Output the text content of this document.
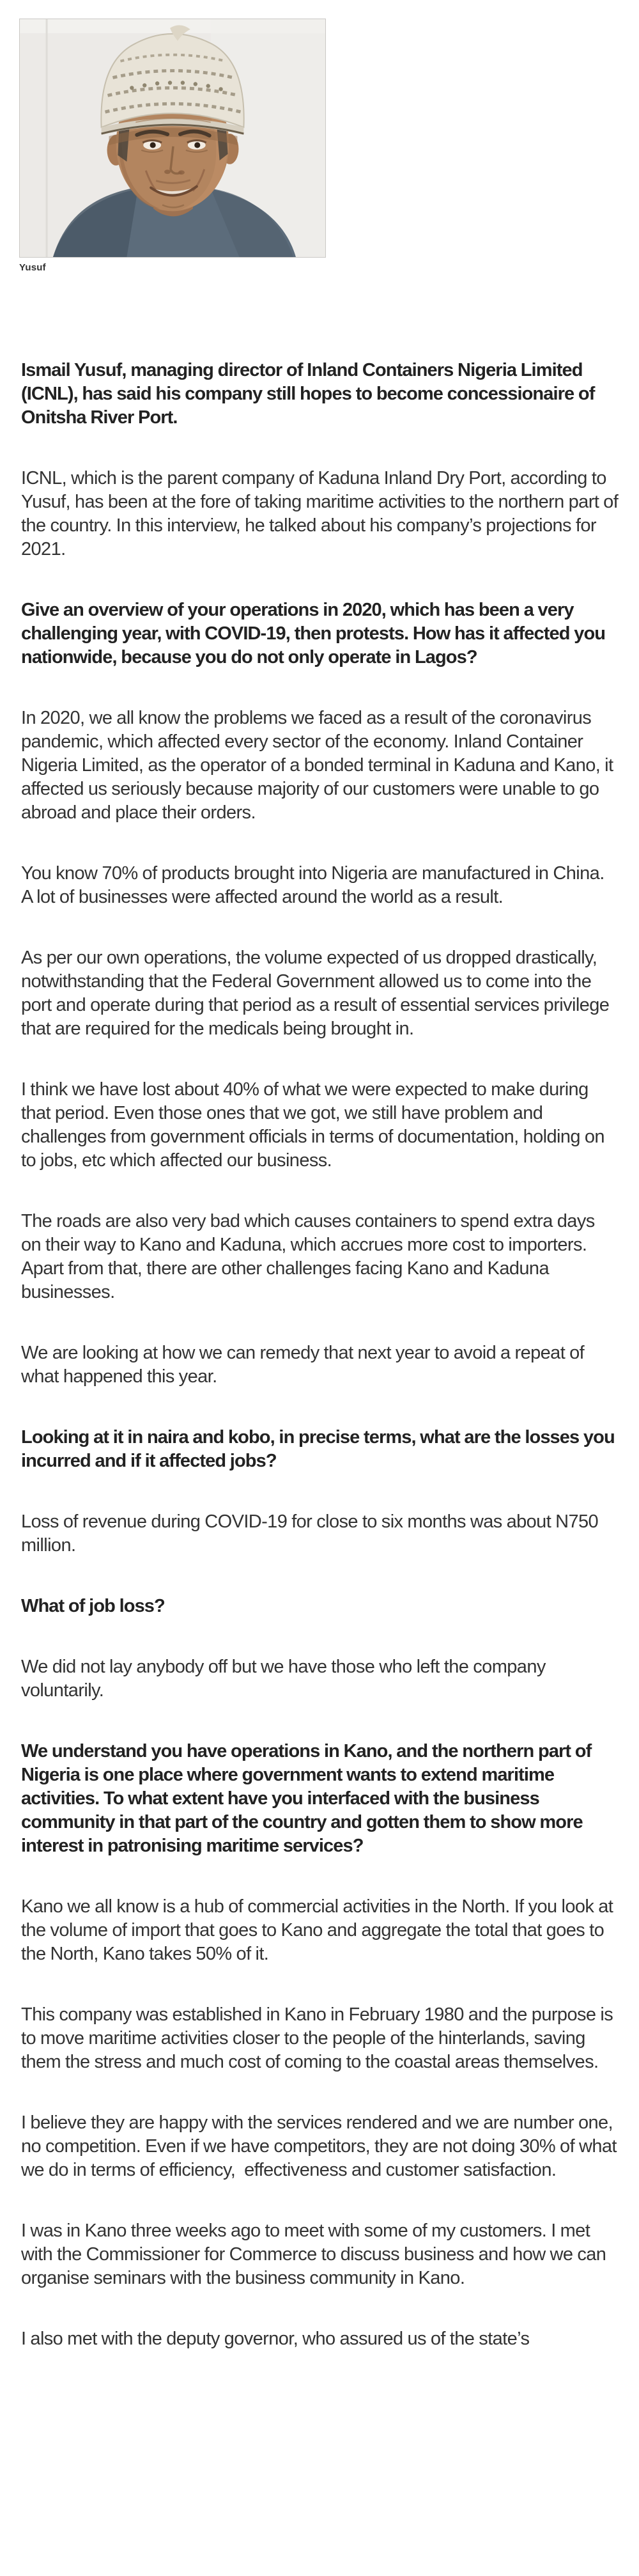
Yusuf

Ismail Yusuf, managing director of Inland Containers Nigeria Limited (ICNL), has said his company still hopes to become concessionaire of Onitsha River Port.

ICNL, which is the parent company of Kaduna Inland Dry Port, according to Yusuf, has been at the fore of taking maritime activities to the northern part of the country. In this interview, he talked about his company’s projections for 2021.

Give an overview of your operations in 2020, which has been a very challenging year, with COVID-19, then protests. How has it affected you nationwide, because you do not only operate in Lagos?

In 2020, we all know the problems we faced as a result of the coronavirus pandemic, which affected every sector of the economy. Inland Container Nigeria Limited, as the operator of a bonded terminal in Kaduna and Kano, it affected us seriously because majority of our customers were unable to go abroad and place their orders.

You know 70% of products brought into Nigeria are manufactured in China. A lot of businesses were affected around the world as a result.

As per our own operations, the volume expected of us dropped drastically, notwithstanding that the Federal Government allowed us to come into the port and operate during that period as a result of essential services privilege that are required for the medicals being brought in.

I think we have lost about 40% of what we were expected to make during that period. Even those ones that we got, we still have problem and challenges from government officials in terms of documentation, holding on to jobs, etc which affected our business.

The roads are also very bad which causes containers to spend extra days on their way to Kano and Kaduna, which accrues more cost to importers. Apart from that, there are other challenges facing Kano and Kaduna businesses.

We are looking at how we can remedy that next year to avoid a repeat of what happened this year.

Looking at it in naira and kobo, in precise terms, what are the losses you incurred and if it affected jobs?

Loss of revenue during COVID-19 for close to six months was about N750 million.

What of job loss?

We did not lay anybody off but we have those who left the company voluntarily.

We understand you have operations in Kano, and the northern part of Nigeria is one place where government wants to extend maritime activities. To what extent have you interfaced with the business community in that part of the country and gotten them to show more interest in patronising maritime services?

Kano we all know is a hub of commercial activities in the North. If you look at the volume of import that goes to Kano and aggregate the total that goes to the North, Kano takes 50% of it.

This company was established in Kano in February 1980 and the purpose is to move maritime activities closer to the people of the hinterlands, saving them the stress and much cost of coming to the coastal areas themselves.

I believe they are happy with the services rendered and we are number one, no competition. Even if we have competitors, they are not doing 30% of what we do in terms of efficiency,  effectiveness and customer satisfaction.

I was in Kano three weeks ago to meet with some of my customers. I met with the Commissioner for Commerce to discuss business and how we can organise seminars with the business community in Kano.

I also met with the deputy governor, who assured us of the state’s
